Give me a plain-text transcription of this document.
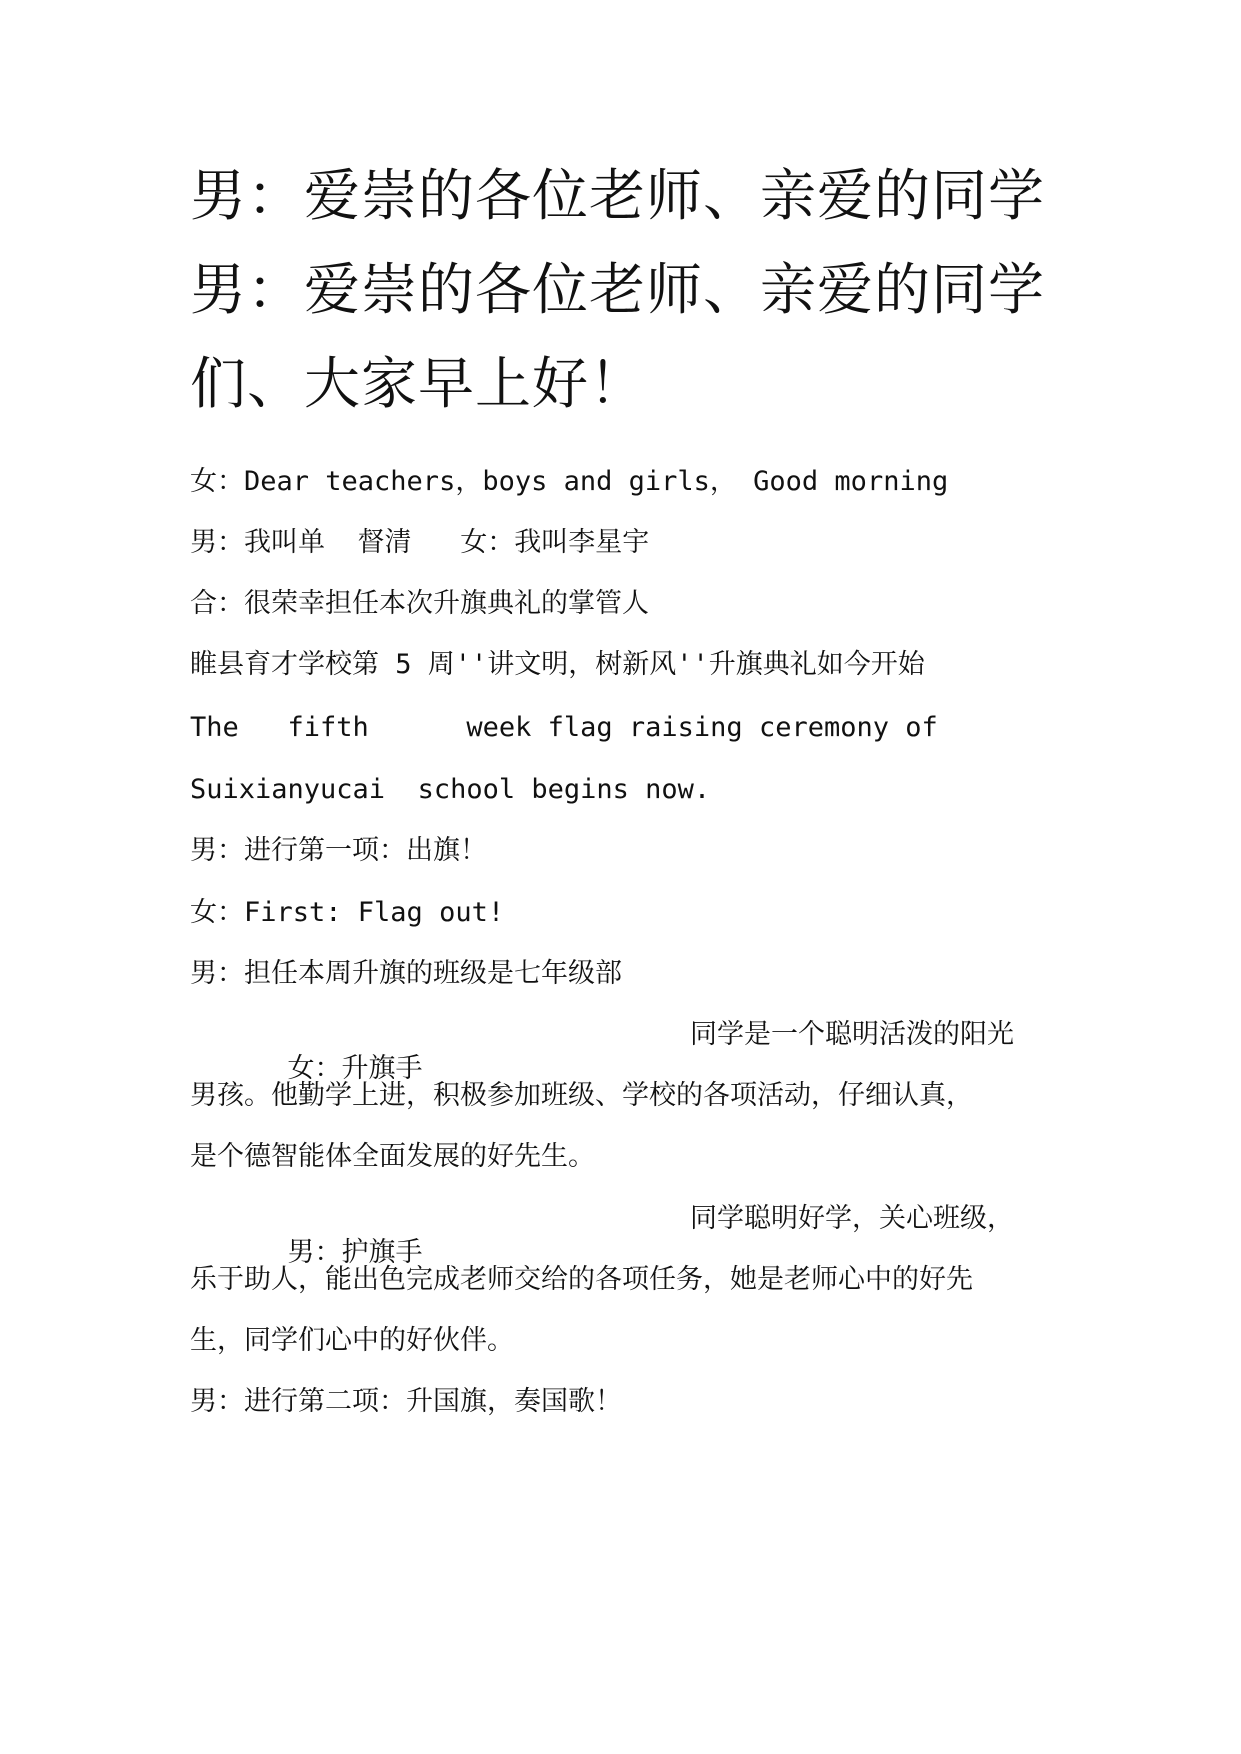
男：爱崇的各位老师、亲爱的同学
男：爱崇的各位老师、亲爱的同学
们、大家早上好！
女：Dear teachers，boys and girls， Good morning
男：我叫单  督清   女：我叫李星宇
合：很荣幸担任本次升旗典礼的掌管人
睢县育才学校第 5 周''讲文明，树新风''升旗典礼如今开始
The   fifth      week flag raising ceremony of
Suixianyucai  school begins now.
男：进行第一项：出旗！
女：First: Flag out!
男：担任本周升旗的班级是七年级部

女：升旗手

同学是一个聪明活泼的阳光

男孩。他勤学上进，积极参加班级、学校的各项活动，仔细认真，
是个德智能体全面发展的好先生。

男：护旗手

同学聪明好学，关心班级，

乐于助人，能出色完成老师交给的各项任务，她是老师心中的好先
生，同学们心中的好伙伴。
男：进行第二项：升国旗，奏国歌！
